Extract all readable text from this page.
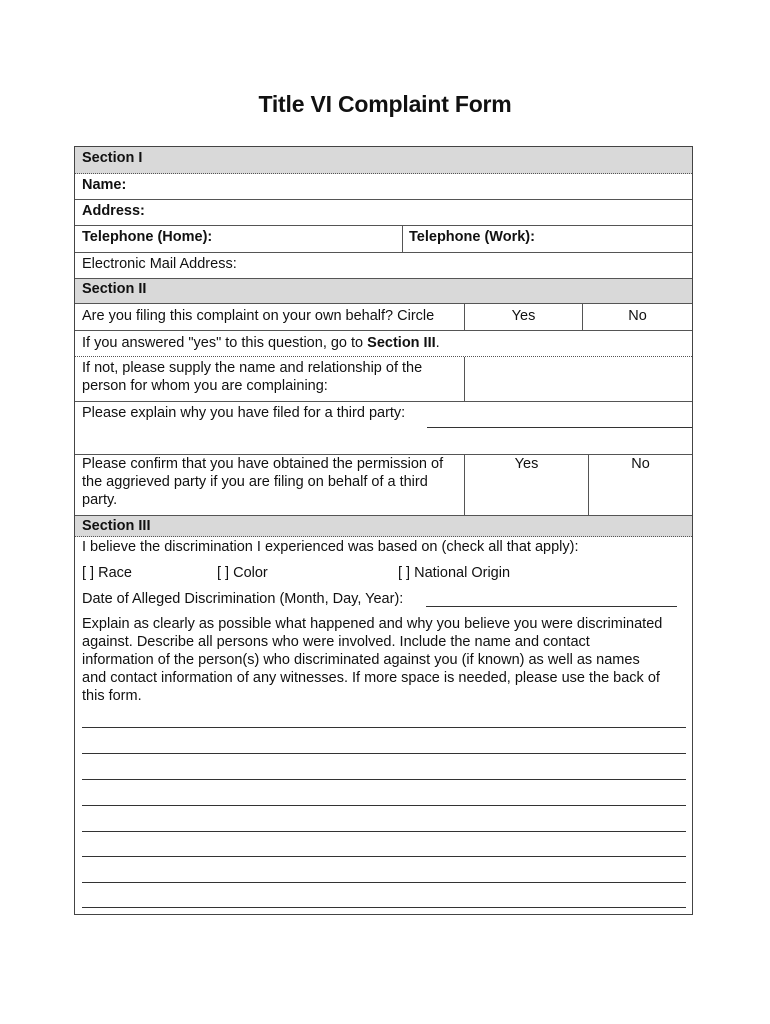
Title VI Complaint Form
Section I
Name:
Address:
Telephone (Home):	Telephone (Work):
Electronic Mail Address:
Section II
Are you filing this complaint on your own behalf? Circle	Yes	No
If you answered "yes" to this question, go to Section III.
If not, please supply the name and relationship of the
person for whom you are complaining:
Please explain why you have filed for a third party:
Please confirm that you have obtained the permission of
the aggrieved party if you are filing on behalf of a third
party.
Yes	No
Section III
I believe the discrimination I experienced was based on (check all that apply):
[ ] Race	[ ] Color	[ ] National Origin
Date of Alleged Discrimination (Month, Day, Year):
Explain as clearly as possible what happened and why you believe you were discriminated
against. Describe all persons who were involved. Include the name and contact
information of the person(s) who discriminated against you (if known) as well as names
and contact information of any witnesses. If more space is needed, please use the back of
this form.
